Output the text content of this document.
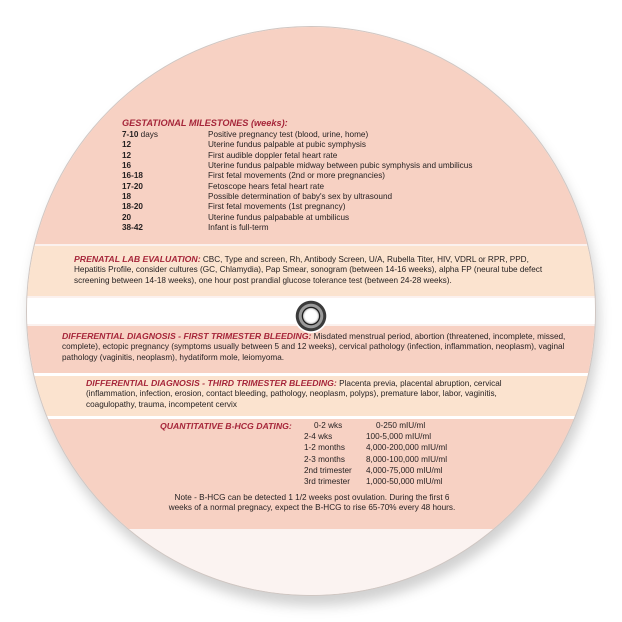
GESTATIONAL MILESTONES (weeks):
7-10 days	Positive pregnancy test (blood, urine, home)
12	Uterine fundus palpable at pubic symphysis
12	First audible doppler fetal heart rate
16	Uterine fundus palpable midway between pubic symphysis and umbilicus
16-18	First fetal movements (2nd or more pregnancies)
17-20	Fetoscope hears fetal heart rate
18	Possible determination of baby's sex by ultrasound
18-20	First fetal movements (1st pregnancy)
20	Uterine fundus palpabable at umbilicus
38-42	Infant is full-term
PRENATAL LAB EVALUATION: CBC, Type and screen, Rh, Antibody Screen, U/A, Rubella Titer, HIV, VDRL or RPR, PPD, Hepatitis Profile, consider cultures (GC, Chlamydia), Pap Smear, sonogram (between 14-16 weeks), alpha FP (neural tube defect screening between 14-18 weeks), one hour post prandial glucose tolerance test (between 24-28 weeks).
DIFFERENTIAL DIAGNOSIS - FIRST TRIMESTER BLEEDING: Misdated menstrual period, abortion (threatened, incomplete, missed, complete), ectopic pregnancy (symptoms usually between 5 and 12 weeks), cervical pathology (infection, inflammation, neoplasm), vaginal pathology (vaginitis, neoplasm), hydatiform mole, leiomyoma.
DIFFERENTIAL DIAGNOSIS - THIRD TRIMESTER BLEEDING: Placenta previa, placental abruption, cervical (inflammation, infection, erosion, contact bleeding, pathology, neoplasm, polyps), premature labor, labor, vaginitis, coagulopathy, trauma, incompetent cervix
QUANTITATIVE B-HCG DATING:	0-2 wks	0-250 mIU/ml
2-4 wks	100-5,000 mIU/ml
1-2 months	4,000-200,000 mIU/ml
2-3 months	8,000-100,000 mIU/ml
2nd trimester 4,000-75,000 mIU/ml
3rd trimester 1,000-50,000 mIU/ml
Note - B-HCG can be detected 1 1/2 weeks post ovulation. During the first 6 weeks of a normal pregnacy, expect the B-HCG to rise 65-70% every 48 hours.
